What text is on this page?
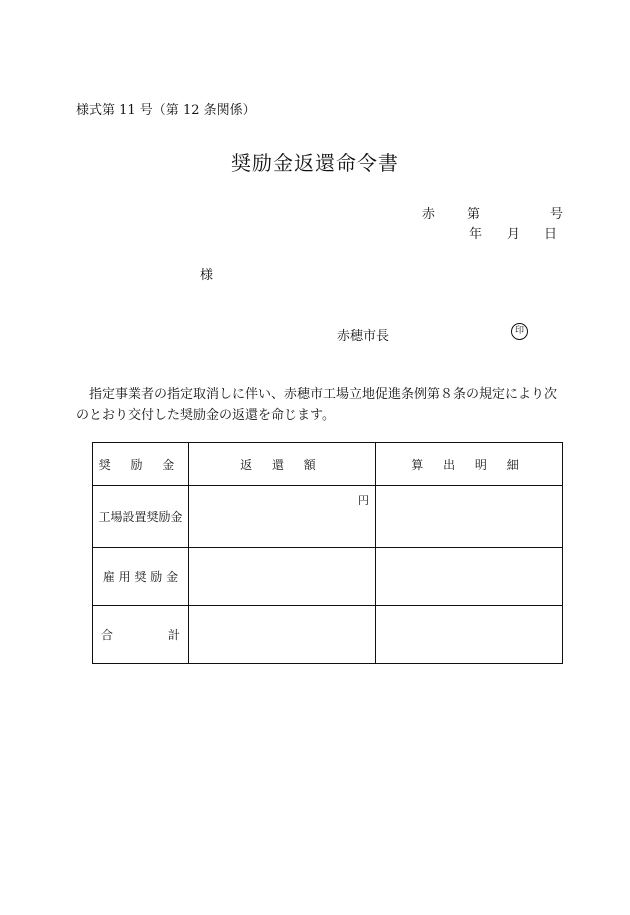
様式第 11 号（第 12 条関係）
奨励金返還命令書
赤 第	号
年 月 日
様
赤穂市長	印
指定事業者の指定取消しに伴い、赤穂市工場立地促進条例第８条の規定により次のとおり交付した奨励金の返還を命じます。
奨 励 金	返 還 額	算 出 明 細
工場設置奨励金	円	

雇 用 奨 励 金		
合 計		
